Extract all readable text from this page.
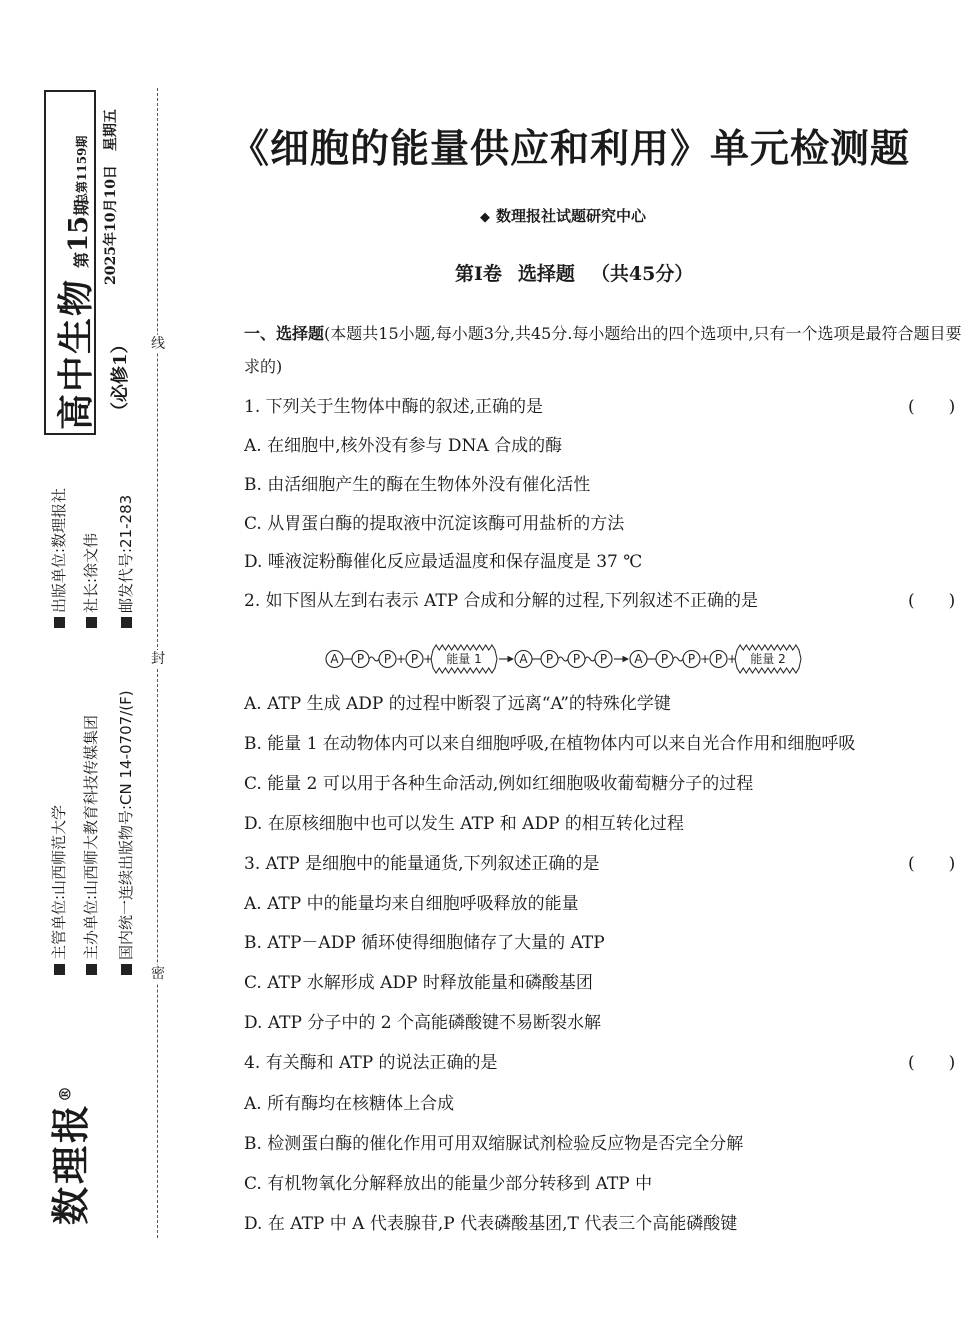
高中生物 （必修1）
第15期
总第1159期 2025年10月10日　星期五
出版单位:数理报社 社长:徐文伟 邮发代号:21-283
主管单位:山西师范大学 主办单位:山西师大教育科技传媒集团 国内统一连续出版物号:CN 14-0707/(F)
数理报®
线
封
密
《细胞的能量供应和利用》单元检测题
◆ 数理报社试题研究中心
第Ⅰ卷 选择题 （共45分）
一、选择题(本题共15小题,每小题3分,共45分.每小题给出的四个选项中,只有一个选项是最符合题目要求的)
1. 下列关于生物体中酶的叙述,正确的是	(　　)
A. 在细胞中,核外没有参与 DNA 合成的酶
B. 由活细胞产生的酶在生物体外没有催化活性
C. 从胃蛋白酶的提取液中沉淀该酶可用盐析的方法
D. 唾液淀粉酶催化反应最适温度和保存温度是 37 ℃
2. 如下图从左到右表示 ATP 合成和分解的过程,下列叙述不正确的是	(　　)
A P P + P + 能量 1	A P P P A P P + P + 能量 2
A. ATP 生成 ADP 的过程中断裂了远离“A”的特殊化学键
B. 能量 1 在动物体内可以来自细胞呼吸,在植物体内可以来自光合作用和细胞呼吸
C. 能量 2 可以用于各种生命活动,例如红细胞吸收葡萄糖分子的过程
D. 在原核细胞中也可以发生 ATP 和 ADP 的相互转化过程
3. ATP 是细胞中的能量通货,下列叙述正确的是	(　　)
A. ATP 中的能量均来自细胞呼吸释放的能量
B. ATP－ADP 循环使得细胞储存了大量的 ATP
C. ATP 水解形成 ADP 时释放能量和磷酸基团
D. ATP 分子中的 2 个高能磷酸键不易断裂水解
4. 有关酶和 ATP 的说法正确的是	(　　)
A. 所有酶均在核糖体上合成
B. 检测蛋白酶的催化作用可用双缩脲试剂检验反应物是否完全分解
C. 有机物氧化分解释放出的能量少部分转移到 ATP 中
D. 在 ATP 中 A 代表腺苷,P 代表磷酸基团,T 代表三个高能磷酸键
